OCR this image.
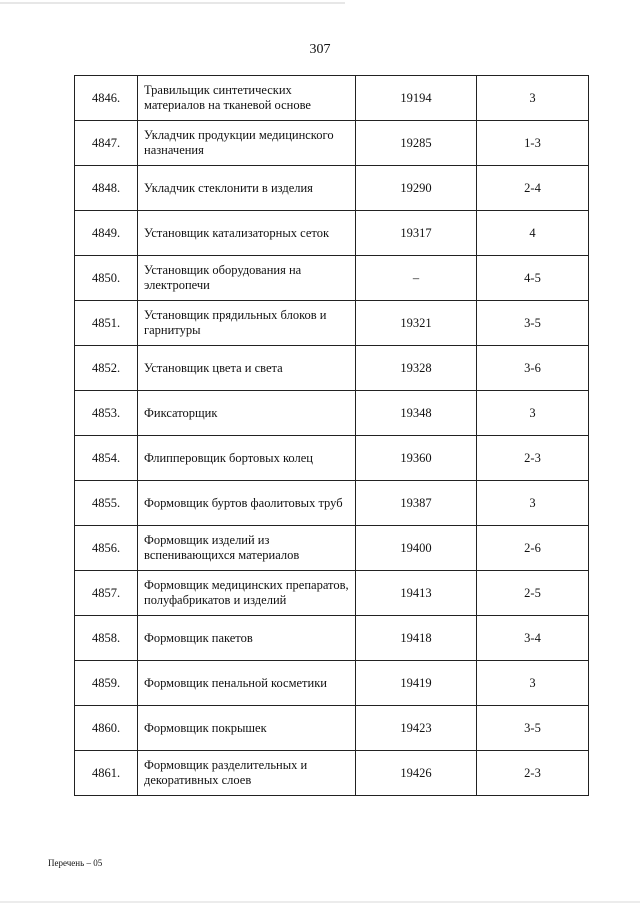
307
4846.	Травильщик синтетических материалов на тканевой основе	19194	3
4847.	Укладчик продукции медицинского назначения	19285	1-3
4848.	Укладчик стеклонити в изделия	19290	2-4
4849.	Установщик катализаторных сеток	19317	4
4850.	Установщик оборудования на электропечи	–	4-5
4851.	Установщик прядильных блоков и гарнитуры	19321	3-5
4852.	Установщик цвета и света	19328	3-6
4853.	Фиксаторщик	19348	3
4854.	Флипперовщик бортовых колец	19360	2-3
4855.	Формовщик буртов фаолитовых труб	19387	3
4856.	Формовщик изделий из вспенивающихся материалов	19400	2-6
4857.	Формовщик медицинских препаратов, полуфабрикатов и изделий	19413	2-5
4858.	Формовщик пакетов	19418	3-4
4859.	Формовщик пенальной косметики	19419	3
4860.	Формовщик покрышек	19423	3-5
4861.	Формовщик разделительных и декоративных слоев	19426	2-3
Перечень – 05
